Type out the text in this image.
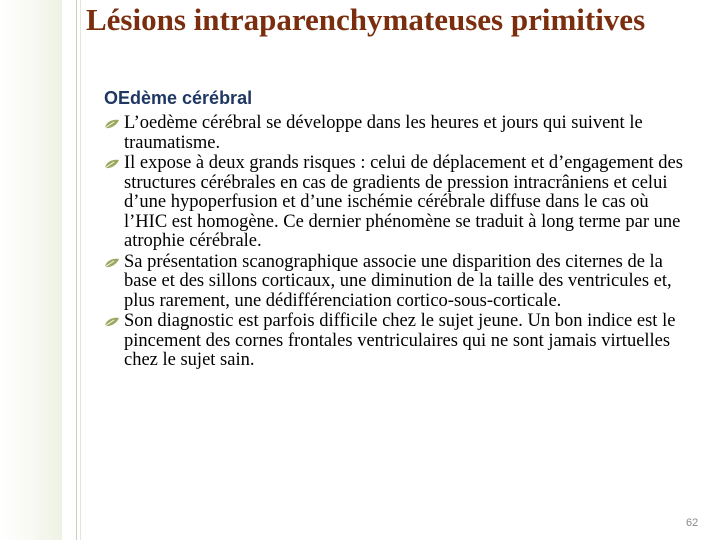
Lésions intraparenchymateuses primitives
OEdème cérébral
L’oedème cérébral se développe dans les heures et jours qui suivent le traumatisme.
Il expose à deux grands risques : celui de déplacement et d’engagement des structures cérébrales en cas de gradients de pression intracrâniens et celui d’une hypoperfusion et d’une ischémie cérébrale diffuse dans le cas où l’HIC est homogène. Ce dernier phénomène se traduit à long terme par une atrophie cérébrale.
Sa présentation scanographique associe une disparition des citernes de la base et des sillons corticaux, une diminution de la taille des ventricules et, plus rarement, une dédifférenciation cortico-sous-corticale.
Son diagnostic est parfois difficile chez le sujet jeune. Un bon indice est le pincement des cornes frontales ventriculaires qui ne sont jamais virtuelles chez le sujet sain.
62
